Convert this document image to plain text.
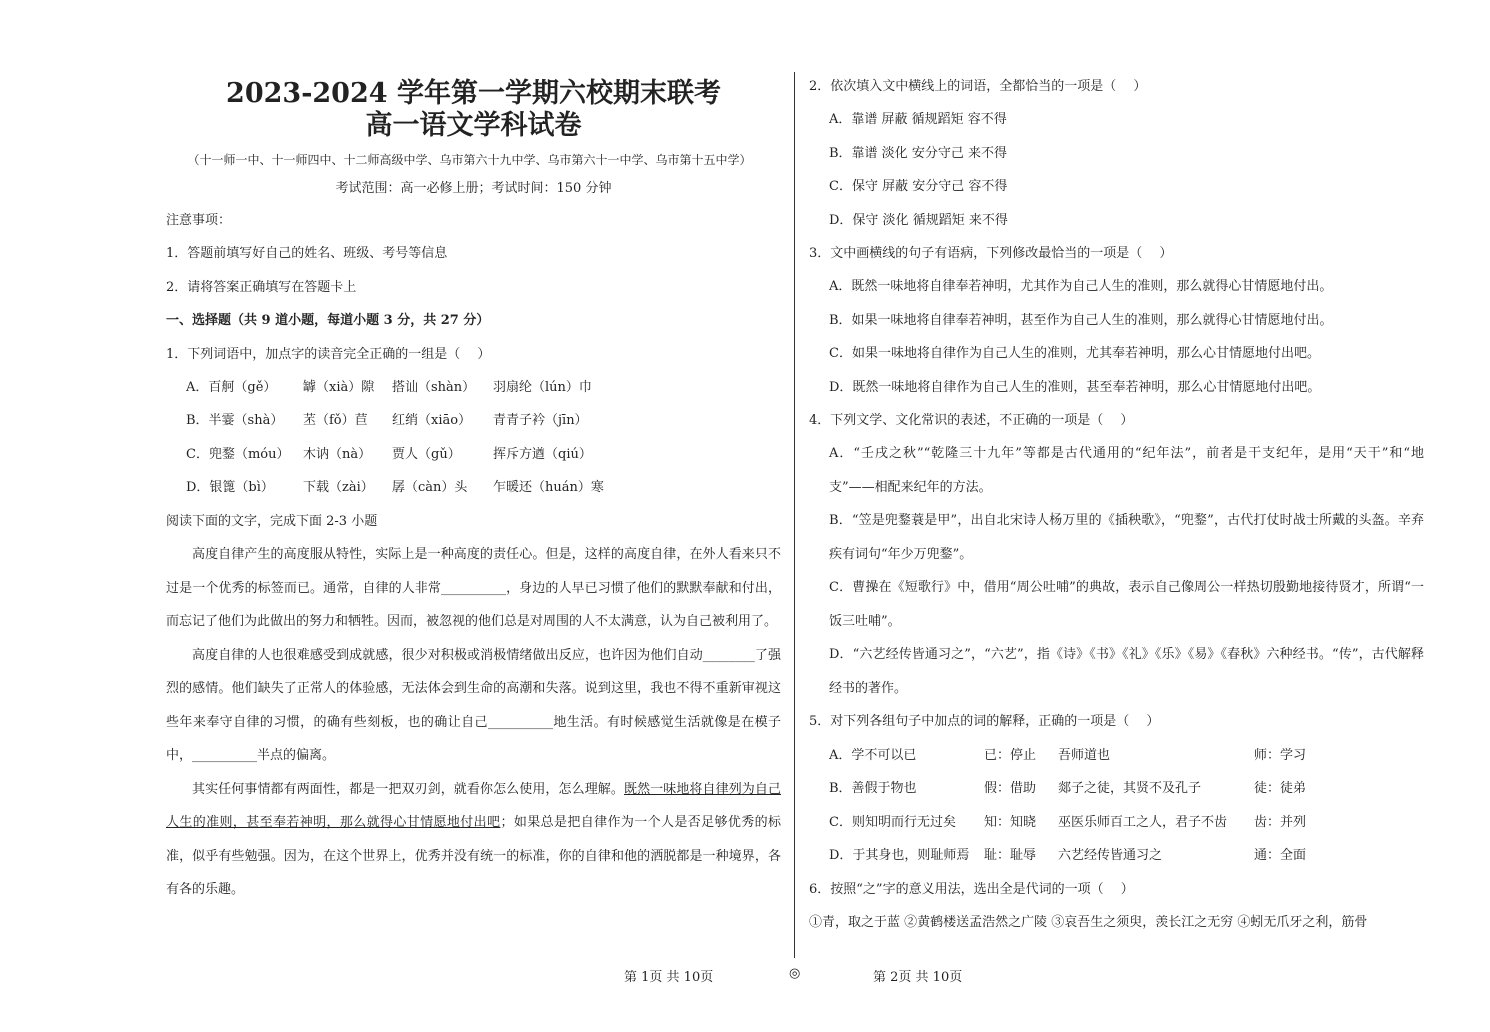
2023-2024 学年第一学期六校期末联考
高一语文学科试卷
（十一师一中、十一师四中、十二师高级中学、乌市第六十九中学、乌市第六十一中学、乌市第十五中学）
考试范围：高一必修上册；考试时间：150 分钟
注意事项：
1．答题前填写好自己的姓名、班级、考号等信息
2．请将答案正确填写在答题卡上
一、选择题（共 9 道小题，每道小题 3 分，共 27 分）
1．下列词语中，加点字的读音完全正确的一组是（　 ）
A．百舸（gě） 罅（xià）隙 搭讪（shàn） 羽扇纶（lún）巾
B．半霎（shà） 苤（fǒ）苣 红绡（xiāo） 青青子衿（jīn）
C．兜鍪（móu） 木讷（nà） 贾人（gǔ） 挥斥方遒（qiú）
D．银篦（bì） 下载（zài） 孱（càn）头 乍暖还（huán）寒
阅读下面的文字，完成下面 2-3 小题
高度自律产生的高度服从特性，实际上是一种高度的责任心。但是，这样的高度自律，在外人看来只不过是一个优秀的标签而已。通常，自律的人非常__________，身边的人早已习惯了他们的默默奉献和付出，而忘记了他们为此做出的努力和牺牲。因而，被忽视的他们总是对周围的人不太满意，认为自己被利用了。
高度自律的人也很难感受到成就感，很少对积极或消极情绪做出反应，也许因为他们自动________了强烈的感情。他们缺失了正常人的体验感，无法体会到生命的高潮和失落。说到这里，我也不得不重新审视这些年来奉守自律的习惯，的确有些刻板，也的确让自己__________地生活。有时候感觉生活就像是在模子中，__________半点的偏离。
其实任何事情都有两面性，都是一把双刃剑，就看你怎么使用，怎么理解。既然一味地将自律列为自己人生的准则，甚至奉若神明，那么就得心甘情愿地付出吧；如果总是把自律作为一个人是否足够优秀的标准，似乎有些勉强。因为，在这个世界上，优秀并没有统一的标准，你的自律和他的洒脱都是一种境界，各有各的乐趣。
2．依次填入文中横线上的词语，全都恰当的一项是（　 ）
A．靠谱 屏蔽 循规蹈矩 容不得
B．靠谱 淡化 安分守己 来不得
C．保守 屏蔽 安分守己 容不得
D．保守 淡化 循规蹈矩 来不得
3．文中画横线的句子有语病，下列修改最恰当的一项是（　 ）
A．既然一味地将自律奉若神明，尤其作为自己人生的准则，那么就得心甘情愿地付出。
B．如果一味地将自律奉若神明，甚至作为自己人生的准则，那么就得心甘情愿地付出。
C．如果一味地将自律作为自己人生的准则，尤其奉若神明，那么心甘情愿地付出吧。
D．既然一味地将自律作为自己人生的准则，甚至奉若神明，那么心甘情愿地付出吧。
4．下列文学、文化常识的表述，不正确的一项是（　 ）
A．“壬戌之秋”“乾隆三十九年”等都是古代通用的“纪年法”，前者是干支纪年，是用“天干”和“地支”——相配来纪年的方法。
B．“笠是兜鍪蓑是甲”，出自北宋诗人杨万里的《插秧歌》，“兜鍪”，古代打仗时战士所戴的头盔。辛弃疾有词句“年少万兜鍪”。
C．曹操在《短歌行》中，借用“周公吐哺”的典故，表示自己像周公一样热切殷勤地接待贤才，所谓“一饭三吐哺”。
D．“六艺经传皆通习之”，“六艺”，指《诗》《书》《礼》《乐》《易》《春秋》六种经书。“传”，古代解释经书的著作。
5．对下列各组句子中加点的词的解释，正确的一项是（　 ）
A．学不可以已	已：停止 吾师道也	师：学习
B．善假于物也	假：借助 郯子之徒，其贤不及孔子	徒：徒弟
C．则知明而行无过矣 知：知晓 巫医乐师百工之人，君子不齿 齿：并列
D．于其身也，则耻师焉 耻：耻辱 六艺经传皆通习之	通：全面
6．按照“之”字的意义用法，选出全是代词的一项（　 ）
①青，取之于蓝 ②黄鹤楼送孟浩然之广陵 ③哀吾生之须臾，羡长江之无穷 ④蚓无爪牙之利，筋骨
第 1页 共 10页	◎	第 2页 共 10页
